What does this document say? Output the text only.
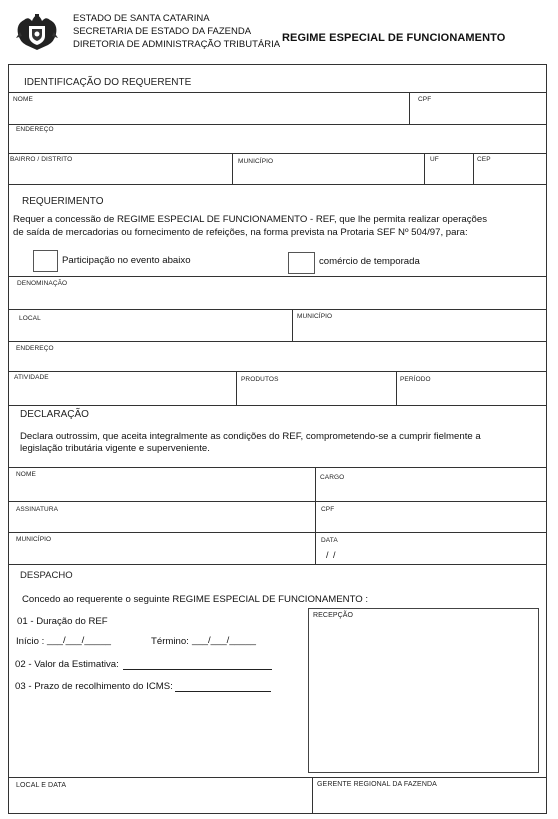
ESTADO DE SANTA CATARINA
SECRETARIA DE ESTADO DA FAZENDA
DIRETORIA DE ADMINISTRAÇÃO TRIBUTÁRIA
REGIME ESPECIAL DE FUNCIONAMENTO
IDENTIFICAÇÃO DO REQUERENTE
NOME	CPF
ENDEREÇO
BAIRRO / DISTRITO	MUNICÍPIO	UF	CEP
REQUERIMENTO
Requer a concessão de REGIME ESPECIAL DE FUNCIONAMENTO - REF, que lhe permita realizar operações
de saída de mercadorias ou fornecimento de refeições, na forma prevista na Protaria SEF Nº 504/97, para:
Participação no evento abaixo	comércio de temporada
DENOMINAÇÃO
LOCAL	MUNICÍPIO
ENDEREÇO
ATIVIDADE	PRODUTOS	PERÍODO
DECLARAÇÃO
Declara outrossim, que aceita integralmente as condições do REF, comprometendo-se a cumprir fielmente a
legislação tributária vigente e superveniente.
NOME	CARGO
ASSINATURA	CPF
MUNICÍPIO	DATA
/ /
DESPACHO
Concedo ao requerente o seguinte REGIME ESPECIAL DE FUNCIONAMENTO :
RECEPÇÃO
01 - Duração do REF
Início : ___/___/_____	Término: ___/___/_____
02 - Valor da Estimativa:
03 - Prazo de recolhimento do ICMS:
LOCAL E DATA	GERENTE REGIONAL DA FAZENDA
